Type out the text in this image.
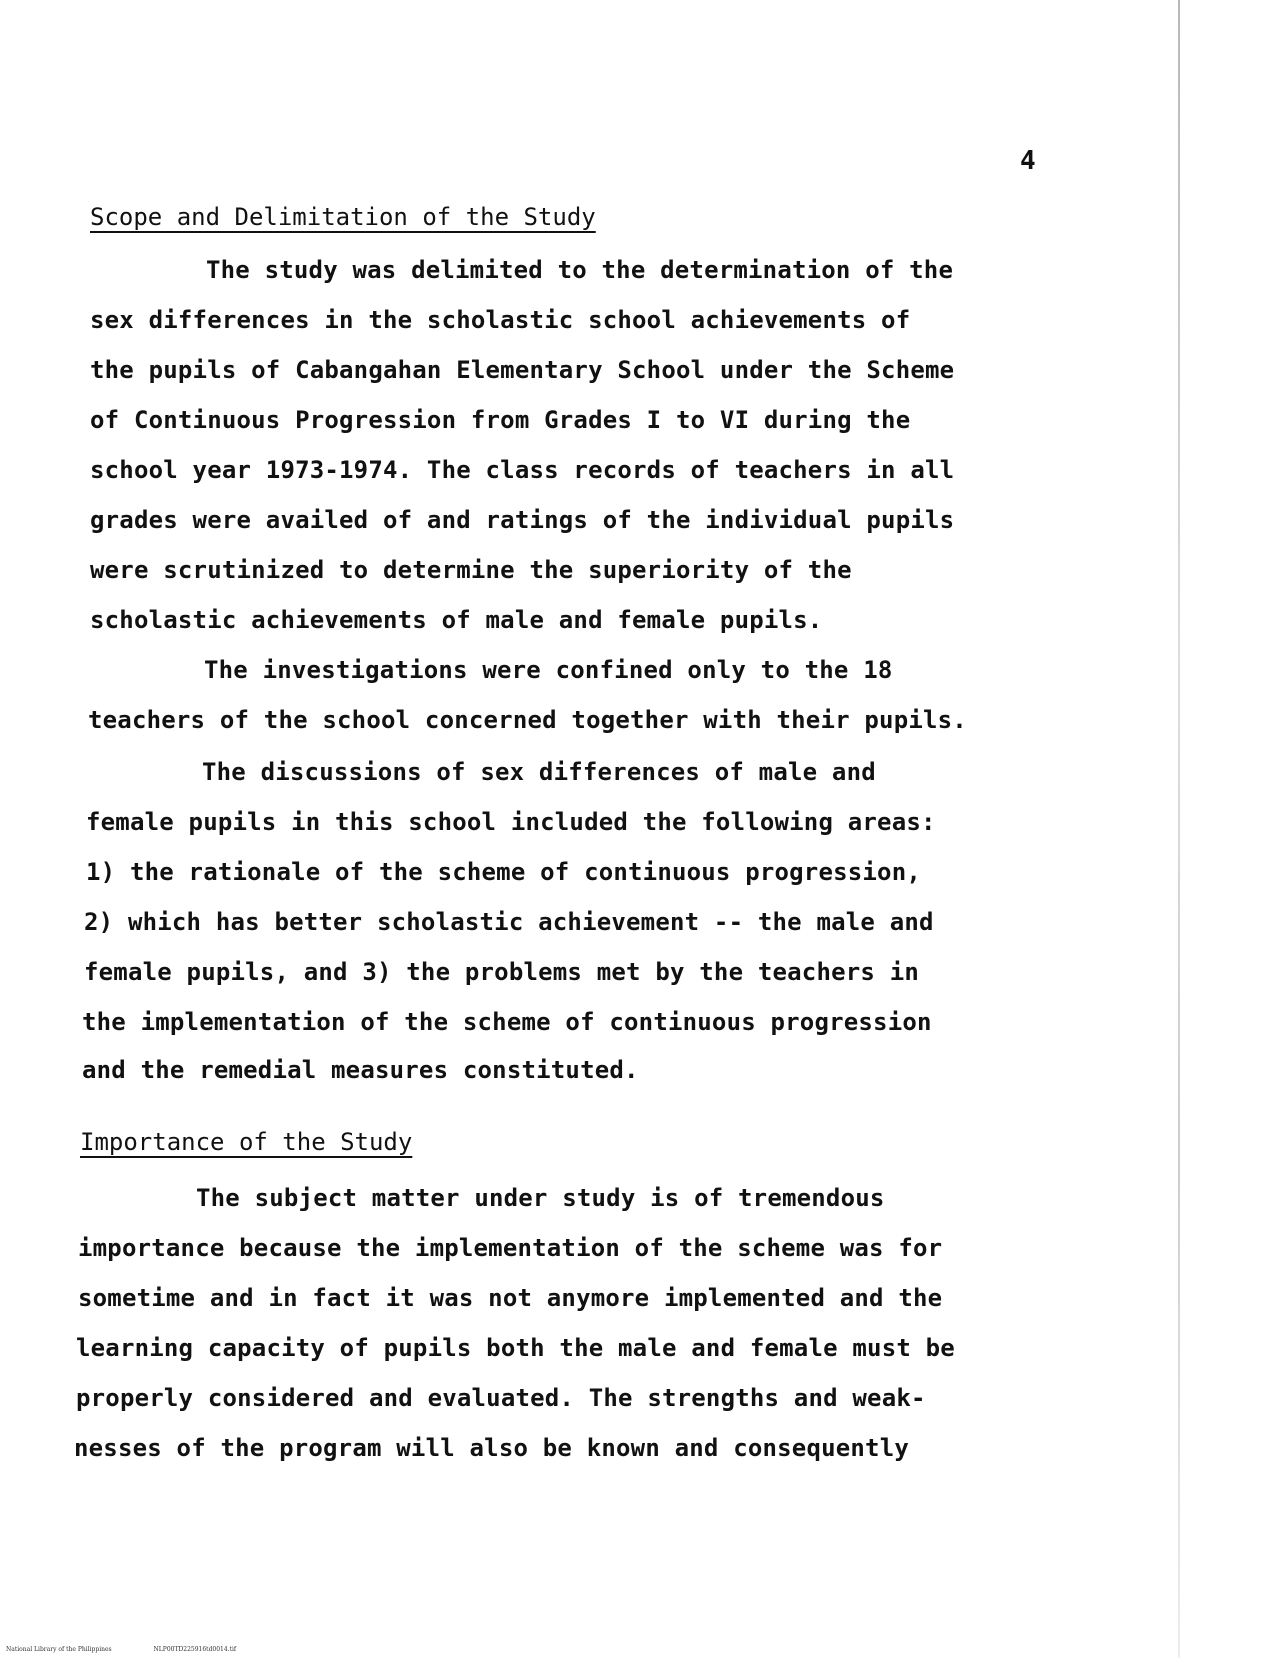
4
Scope and Delimitation of the Study
The study was delimited to the determination of the
sex differences in the scholastic school achievements of
the pupils of Cabangahan Elementary School under the Scheme
of Continuous Progression from Grades I to VI during the
school year 1973-1974. The class records of teachers in all
grades were availed of and ratings of the individual pupils
were scrutinized to determine the superiority of the
scholastic achievements of male and female pupils.
The investigations were confined only to the 18
teachers of the school concerned together with their pupils.
The discussions of sex differences of male and
female pupils in this school included the following areas:
1) the rationale of the scheme of continuous progression,
2) which has better scholastic achievement -- the male and
female pupils, and 3) the problems met by the teachers in
the implementation of the scheme of continuous progression
and the remedial measures constituted.
Importance of the Study
The subject matter under study is of tremendous
importance because the implementation of the scheme was for
sometime and in fact it was not anymore implemented and the
learning capacity of pupils both the male and female must be
properly considered and evaluated. The strengths and weak-
nesses of the program will also be known and consequently
National Library of the Philippines	NLP00TD225916td0014.tif
